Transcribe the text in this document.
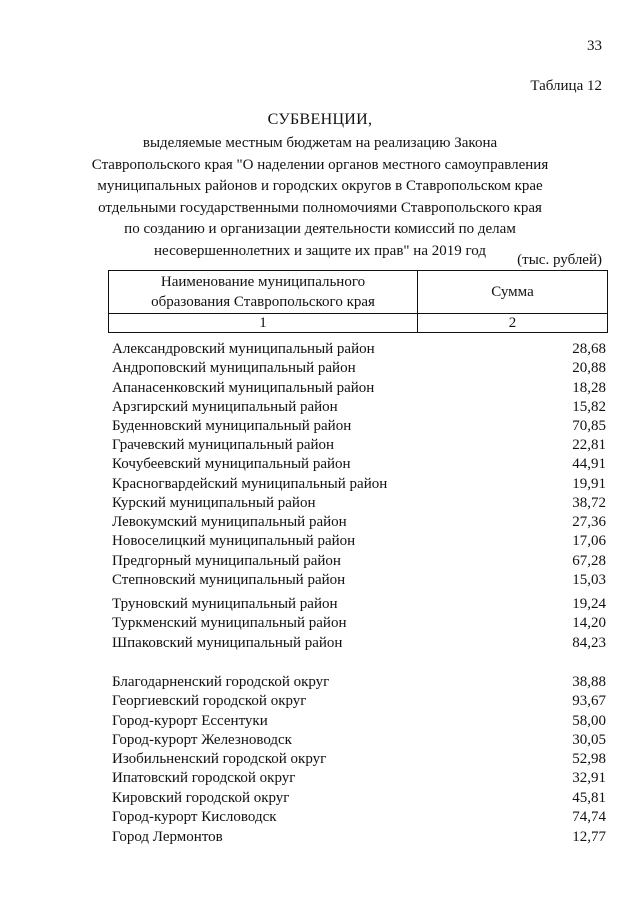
33
Таблица 12
СУБВЕНЦИИ,

выделяемые местным бюджетам на реализацию Закона
Ставропольского края "О наделении органов местного самоуправления
муниципальных районов и городских округов в Ставропольском крае
отдельными государственными полномочиями Ставропольского края
по созданию и организации деятельности комиссий по делам
несовершеннолетних и защите их прав" на 2019 год

(тыс. рублей)
Наименование муниципального
образования Ставропольского края	Сумма
1	2
Александровский муниципальный район	28,68
Андроповский муниципальный район	20,88
Апанасенковский муниципальный район	18,28
Арзгирский муниципальный район	15,82
Буденновский муниципальный район	70,85
Грачевский муниципальный район	22,81
Кочубеевский муниципальный район	44,91
Красногвардейский муниципальный район	19,91
Курский муниципальный район	38,72
Левокумский муниципальный район	27,36
Новоселицкий муниципальный район	17,06
Предгорный муниципальный район	67,28
Степновский муниципальный район	15,03
Труновский муниципальный район	19,24
Туркменский муниципальный район	14,20
Шпаковский муниципальный район	84,23
Благодарненский городской округ	38,88
Георгиевский городской округ	93,67
Город-курорт Ессентуки	58,00
Город-курорт Железноводск	30,05
Изобильненский городской округ	52,98
Ипатовский городской округ	32,91
Кировский городской округ	45,81
Город-курорт Кисловодск	74,74
Город Лермонтов	12,77
